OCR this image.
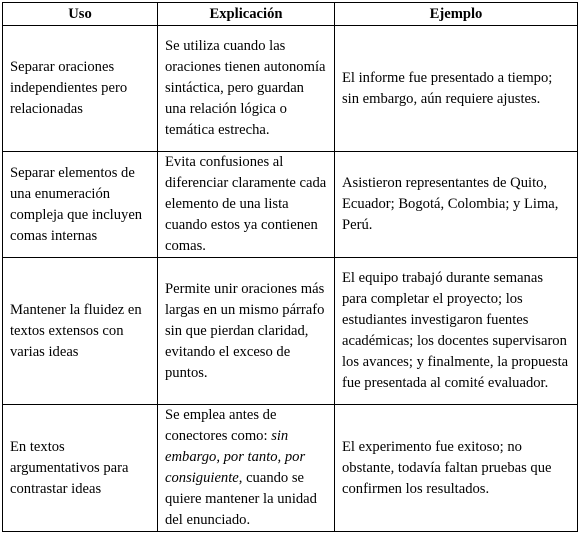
Uso	Explicación	Ejemplo

Separar oraciones independientes pero relacionadas	Se utiliza cuando las oraciones tienen autonomía sintáctica, pero guardan una relación lógica o temática estrecha.	El informe fue presentado a tiempo; sin embargo, aún requiere ajustes.

Separar elementos de una enumeración compleja que incluyen comas internas	Evita confusiones al diferenciar claramente cada elemento de una lista cuando estos ya contienen comas.	Asistieron representantes de Quito, Ecuador; Bogotá, Colombia; y Lima, Perú.

Mantener la fluidez en textos extensos con varias ideas	Permite unir oraciones más largas en un mismo párrafo sin que pierdan claridad, evitando el exceso de puntos.	El equipo trabajó durante semanas para completar el proyecto; los estudiantes investigaron fuentes académicas; los docentes supervisaron los avances; y finalmente, la propuesta fue presentada al comité evaluador.

En textos argumentativos para contrastar ideas	Se emplea antes de conectores como: sin embargo, por tanto, por consiguiente, cuando se quiere mantener la unidad del enunciado.	El experimento fue exitoso; no obstante, todavía faltan pruebas que confirmen los resultados.
